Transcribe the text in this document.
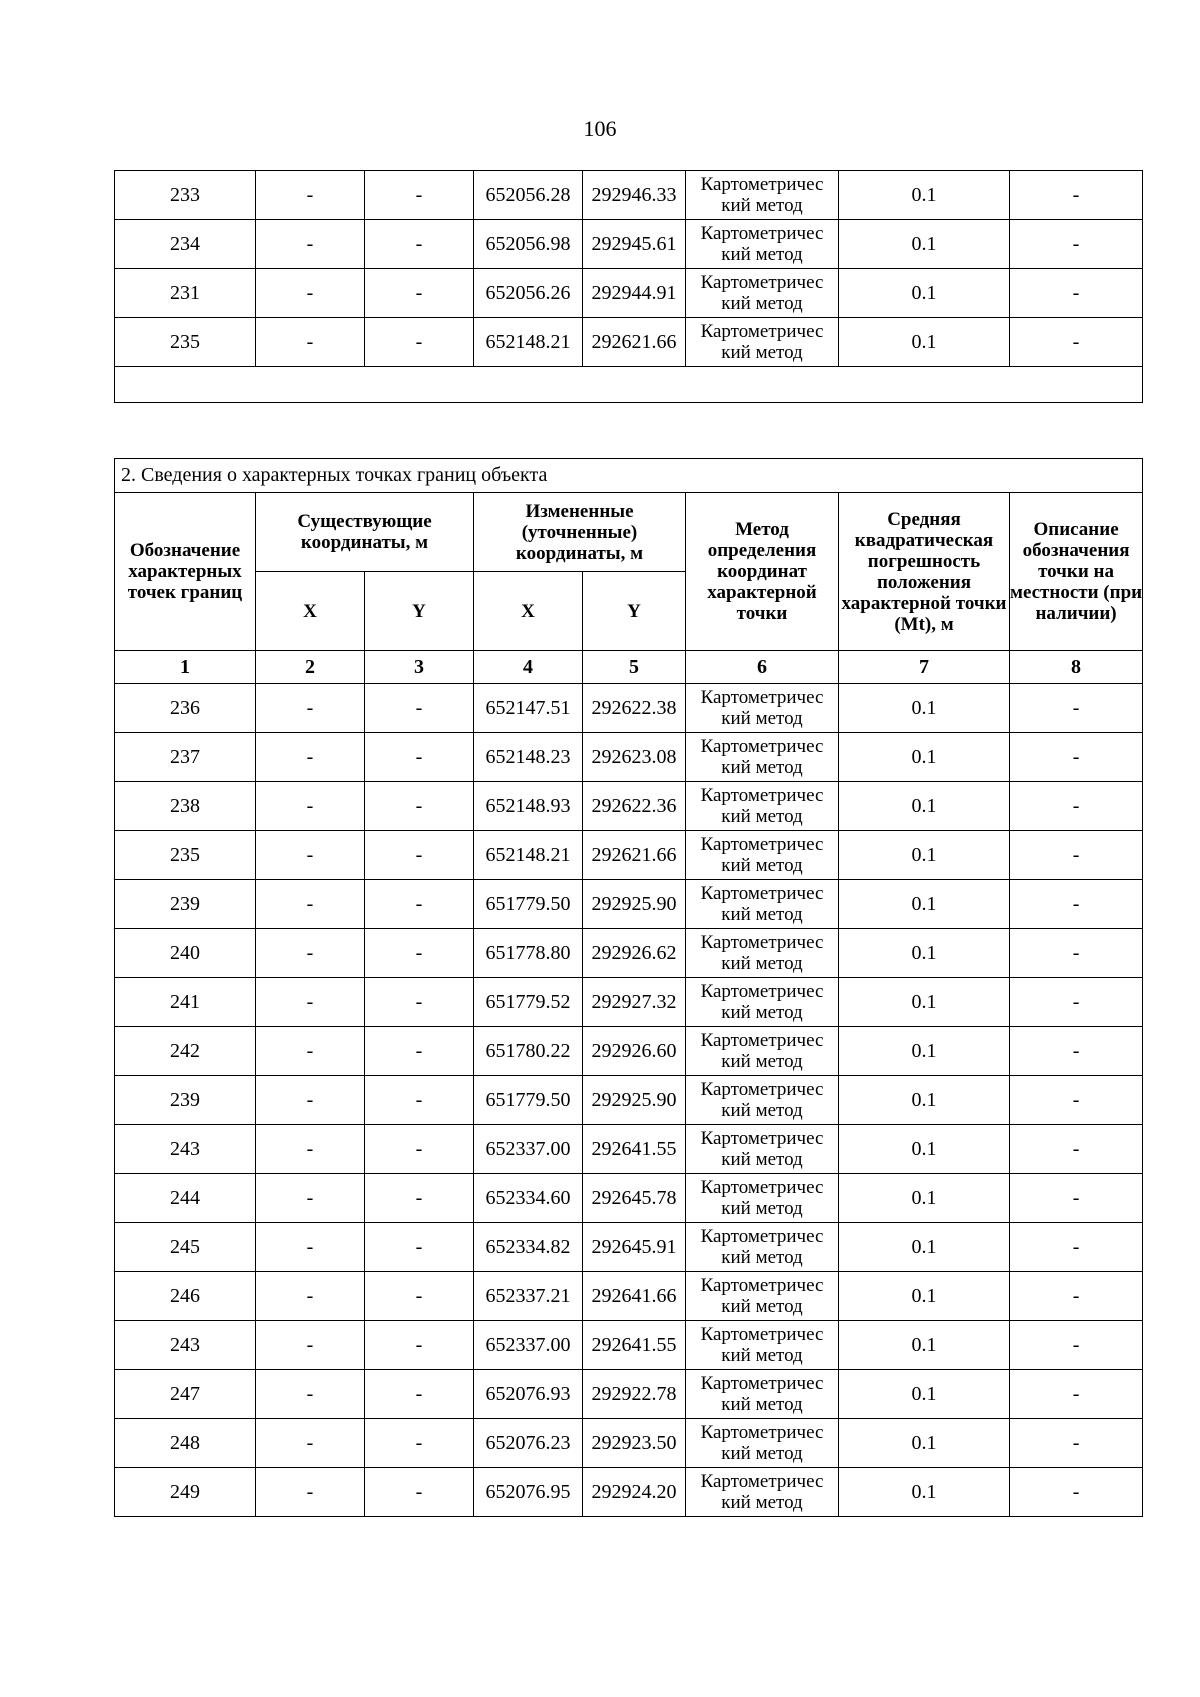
106
233	-	-	652056.28	292946.33	Картометричес кий метод	0.1	-
234	-	-	652056.98	292945.61	Картометричес кий метод	0.1	-
231	-	-	652056.26	292944.91	Картометричес кий метод	0.1	-
235	-	-	652148.21	292621.66	Картометричес кий метод	0.1	-

2. Сведения о характерных точках границ объекта							
Обозначение характерных точек границ	Существующие координаты, м		Измененные (уточненные) координаты, м		Метод определения координат характерной точки	Средняя квадратическая погрешность положения характерной точки (Mt), м	Описание обозначения точки на местности (при наличии)
	X	Y	X	Y			
1	2	3	4	5	6	7	8
236	-	-	652147.51	292622.38	Картометричес кий метод	0.1	-
237	-	-	652148.23	292623.08	Картометричес кий метод	0.1	-
238	-	-	652148.93	292622.36	Картометричес кий метод	0.1	-
235	-	-	652148.21	292621.66	Картометричес кий метод	0.1	-
239	-	-	651779.50	292925.90	Картометричес кий метод	0.1	-
240	-	-	651778.80	292926.62	Картометричес кий метод	0.1	-
241	-	-	651779.52	292927.32	Картометричес кий метод	0.1	-
242	-	-	651780.22	292926.60	Картометричес кий метод	0.1	-
239	-	-	651779.50	292925.90	Картометричес кий метод	0.1	-
243	-	-	652337.00	292641.55	Картометричес кий метод	0.1	-
244	-	-	652334.60	292645.78	Картометричес кий метод	0.1	-
245	-	-	652334.82	292645.91	Картометричес кий метод	0.1	-
246	-	-	652337.21	292641.66	Картометричес кий метод	0.1	-
243	-	-	652337.00	292641.55	Картометричес кий метод	0.1	-
247	-	-	652076.93	292922.78	Картометричес кий метод	0.1	-
248	-	-	652076.23	292923.50	Картометричес кий метод	0.1	-
249	-	-	652076.95	292924.20	Картометричес кий метод	0.1	-
